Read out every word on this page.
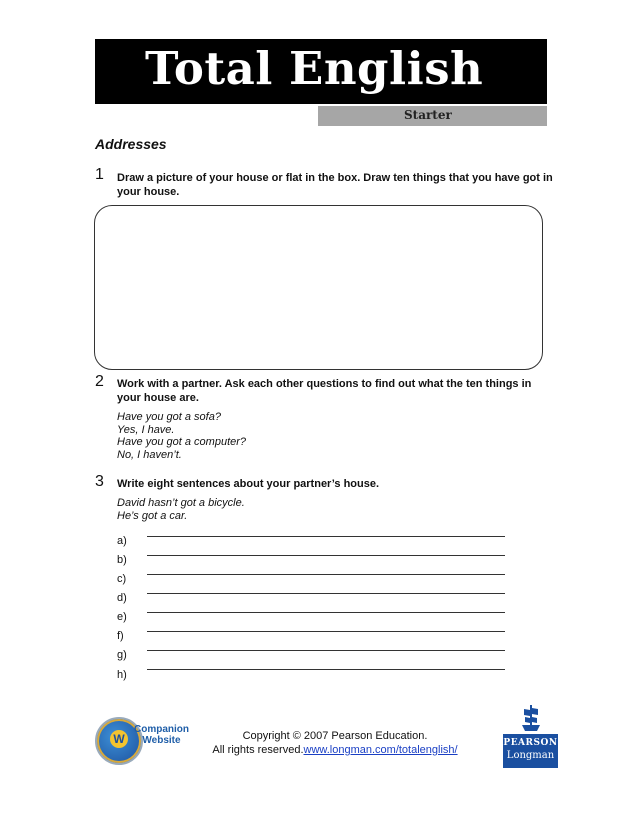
Total English
Starter
Addresses
1 Draw a picture of your house or flat in the box. Draw ten things that you have got in your house.
2 Work with a partner. Ask each other questions to find out what the ten things in your house are.
Have you got a sofa?
Yes, I have.
Have you got a computer?
No, I haven’t.
3 Write eight sentences about your partner’s house.
David hasn’t got a bicycle.
He’s got a car.
a)
b)
c)
d)
e)
f)
g)
h)
W
Companion
Website	Copyright © 2007 Pearson Education.
All rights reserved.www.longman.com/totalenglish/
PEARSON
Longman
